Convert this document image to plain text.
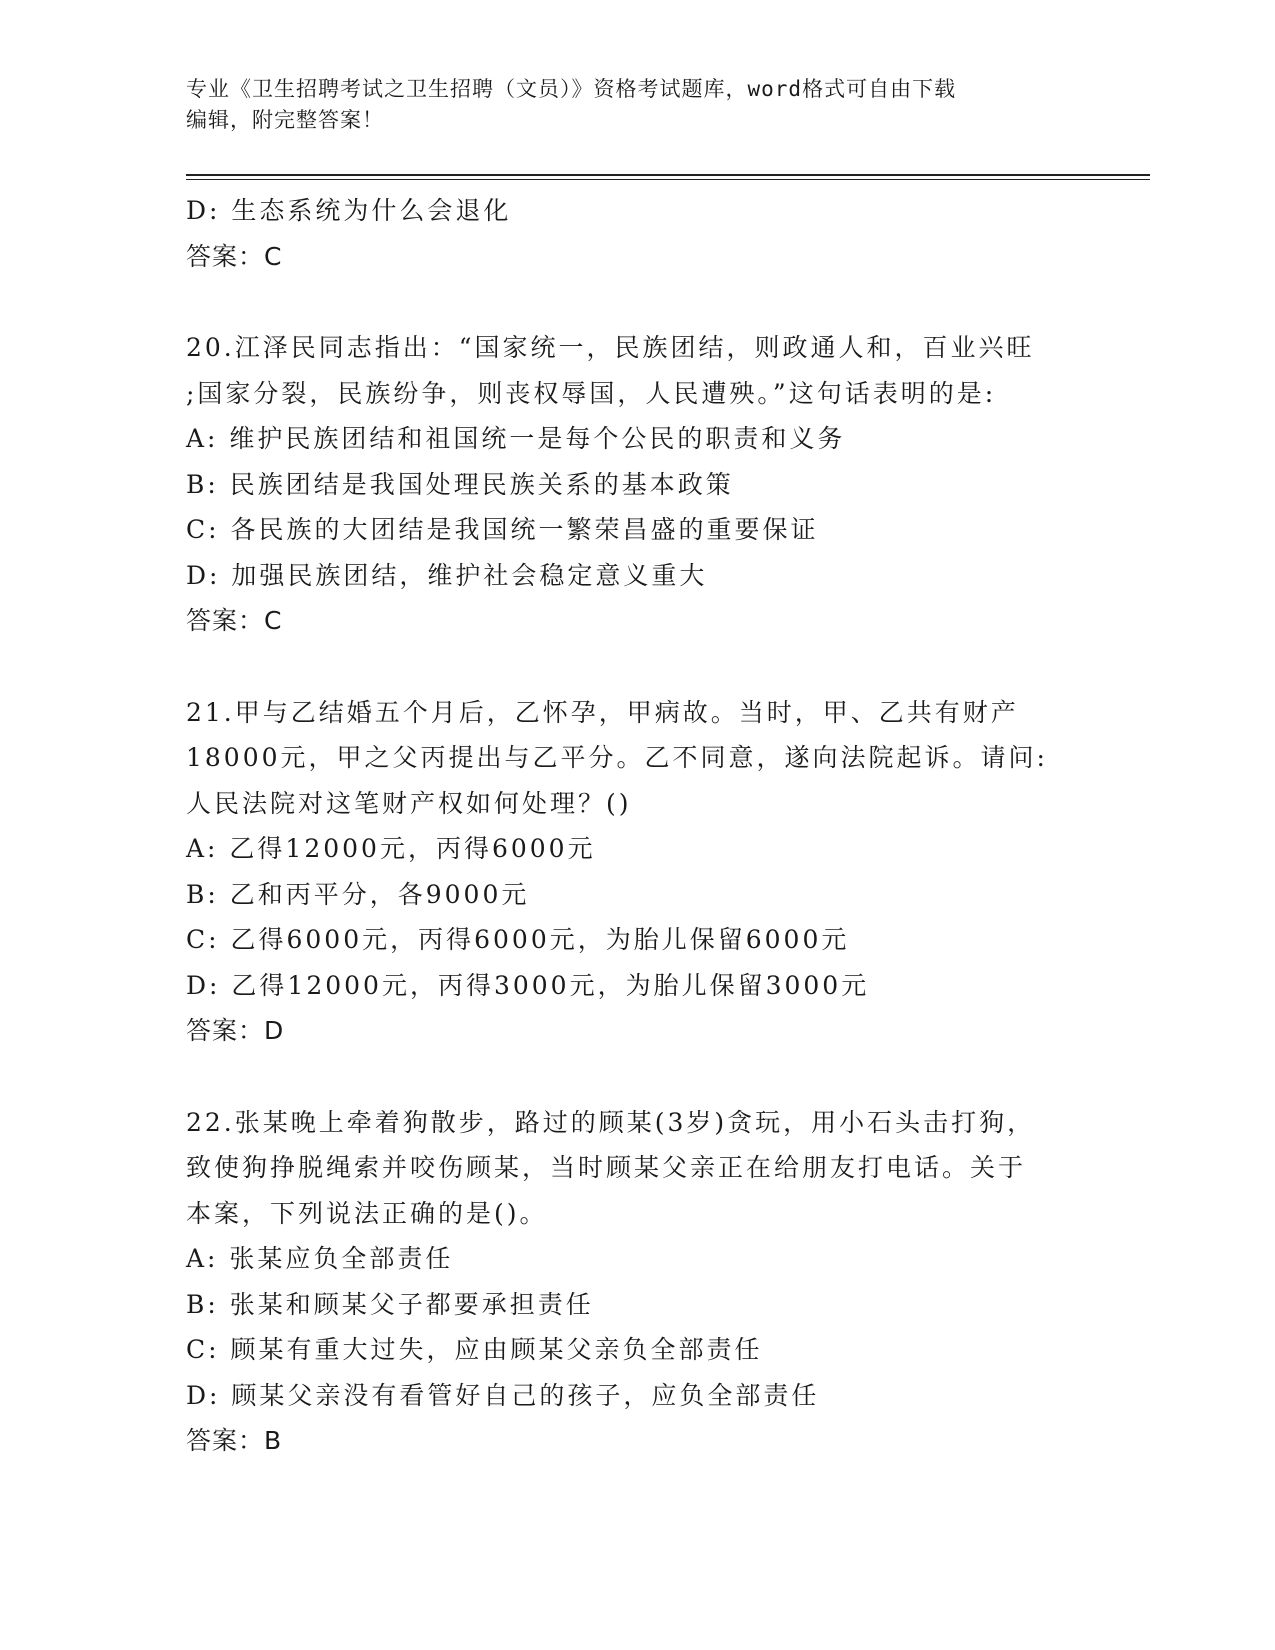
专业《卫生招聘考试之卫生招聘（文员）》资格考试题库，word格式可自由下载
编辑，附完整答案！
D: 生态系统为什么会退化
答案：C
20.江泽民同志指出：“国家统一，民族团结，则政通人和，百业兴旺
;国家分裂，民族纷争，则丧权辱国，人民遭殃。”这句话表明的是:
A: 维护民族团结和祖国统一是每个公民的职责和义务
B: 民族团结是我国处理民族关系的基本政策
C: 各民族的大团结是我国统一繁荣昌盛的重要保证
D: 加强民族团结，维护社会稳定意义重大
答案：C
21.甲与乙结婚五个月后，乙怀孕，甲病故。当时，甲、乙共有财产
18000元，甲之父丙提出与乙平分。乙不同意，遂向法院起诉。请问:
人民法院对这笔财产权如何处理？()
A: 乙得12000元，丙得6000元
B: 乙和丙平分，各9000元
C: 乙得6000元，丙得6000元，为胎儿保留6000元
D: 乙得12000元，丙得3000元，为胎儿保留3000元
答案：D
22.张某晚上牵着狗散步，路过的顾某(3岁)贪玩，用小石头击打狗，
致使狗挣脱绳索并咬伤顾某，当时顾某父亲正在给朋友打电话。关于
本案，下列说法正确的是()。
A: 张某应负全部责任
B: 张某和顾某父子都要承担责任
C: 顾某有重大过失，应由顾某父亲负全部责任
D: 顾某父亲没有看管好自己的孩子，应负全部责任
答案：B
